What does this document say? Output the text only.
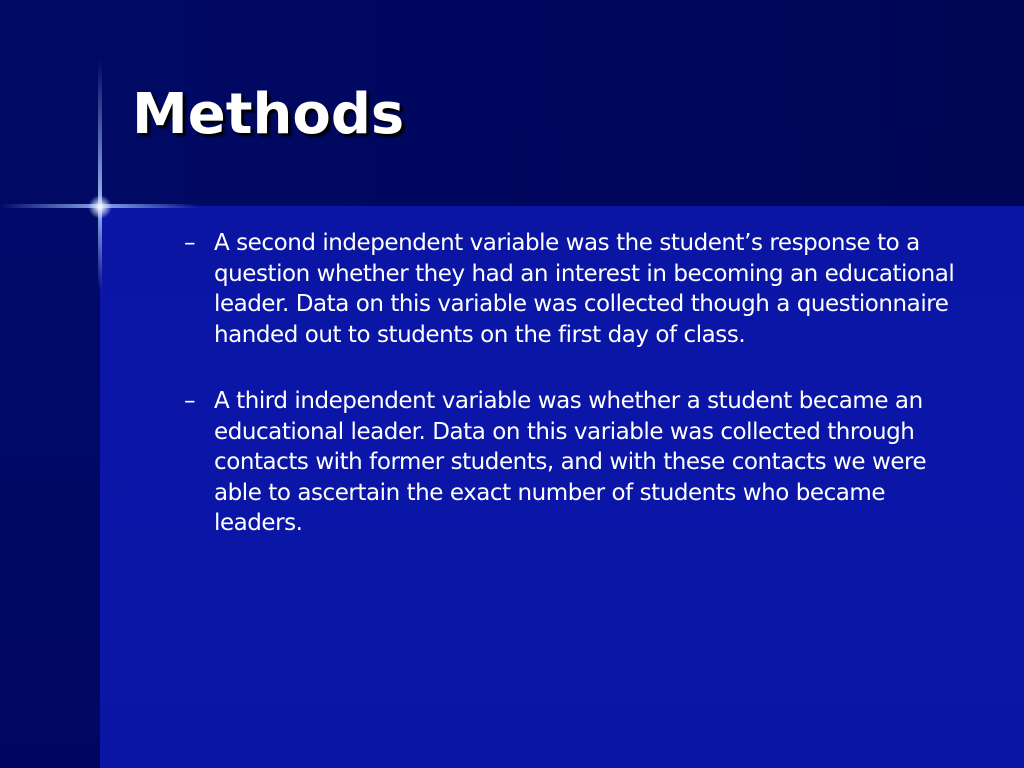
Methods
– A second independent variable was the student’s response to a question whether they had an interest in becoming an educational leader. Data on this variable was collected though a questionnaire handed out to students on the first day of class.
– A third independent variable was whether a student became an educational leader. Data on this variable was collected through contacts with former students, and with these contacts we were able to ascertain the exact number of students who became leaders.
